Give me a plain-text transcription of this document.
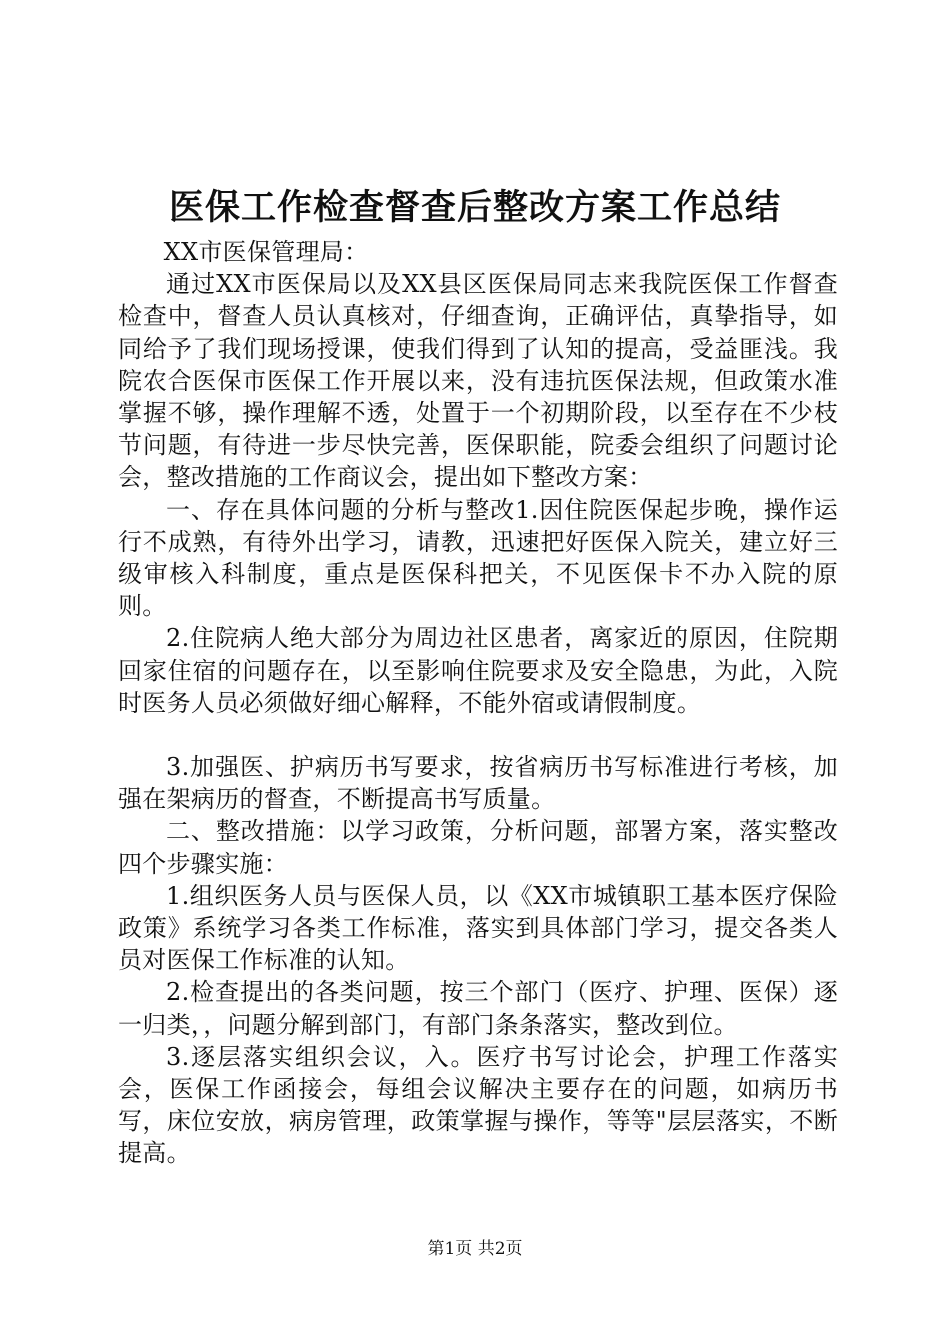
医保工作检查督查后整改方案工作总结

XX市医保管理局：

通过XX市医保局以及XX县区医保局同志来我院医保工作督查检查中，督查人员认真核对，仔细查询，正确评估，真挚指导，如同给予了我们现场授课，使我们得到了认知的提高，受益匪浅。我院农合医保市医保工作开展以来，没有违抗医保法规，但政策水准掌握不够，操作理解不透，处置于一个初期阶段，以至存在不少枝节问题，有待进一步尽快完善，医保职能，院委会组织了问题讨论会，整改措施的工作商议会，提出如下整改方案：

一、存在具体问题的分析与整改1.因住院医保起步晚，操作运行不成熟，有待外出学习，请教，迅速把好医保入院关，建立好三级审核入科制度，重点是医保科把关，不见医保卡不办入院的原则。

2.住院病人绝大部分为周边社区患者，离家近的原因，住院期回家住宿的问题存在，以至影响住院要求及安全隐患，为此，入院时医务人员必须做好细心解释，不能外宿或请假制度。

3.加强医、护病历书写要求，按省病历书写标准进行考核，加强在架病历的督查，不断提高书写质量。

二、整改措施：以学习政策，分析问题，部署方案，落实整改四个步骤实施：

1.组织医务人员与医保人员，以《XX市城镇职工基本医疗保险政策》系统学习各类工作标准，落实到具体部门学习，提交各类人员对医保工作标准的认知。

2.检查提出的各类问题，按三个部门（医疗、护理、医保）逐一归类，，问题分解到部门，有部门条条落实，整改到位。

3.逐层落实组织会议，入。医疗书写讨论会，护理工作落实会，医保工作函接会，每组会议解决主要存在的问题，如病历书写，床位安放，病房管理，政策掌握与操作，等等"层层落实，不断提高。

第1页 共2页
